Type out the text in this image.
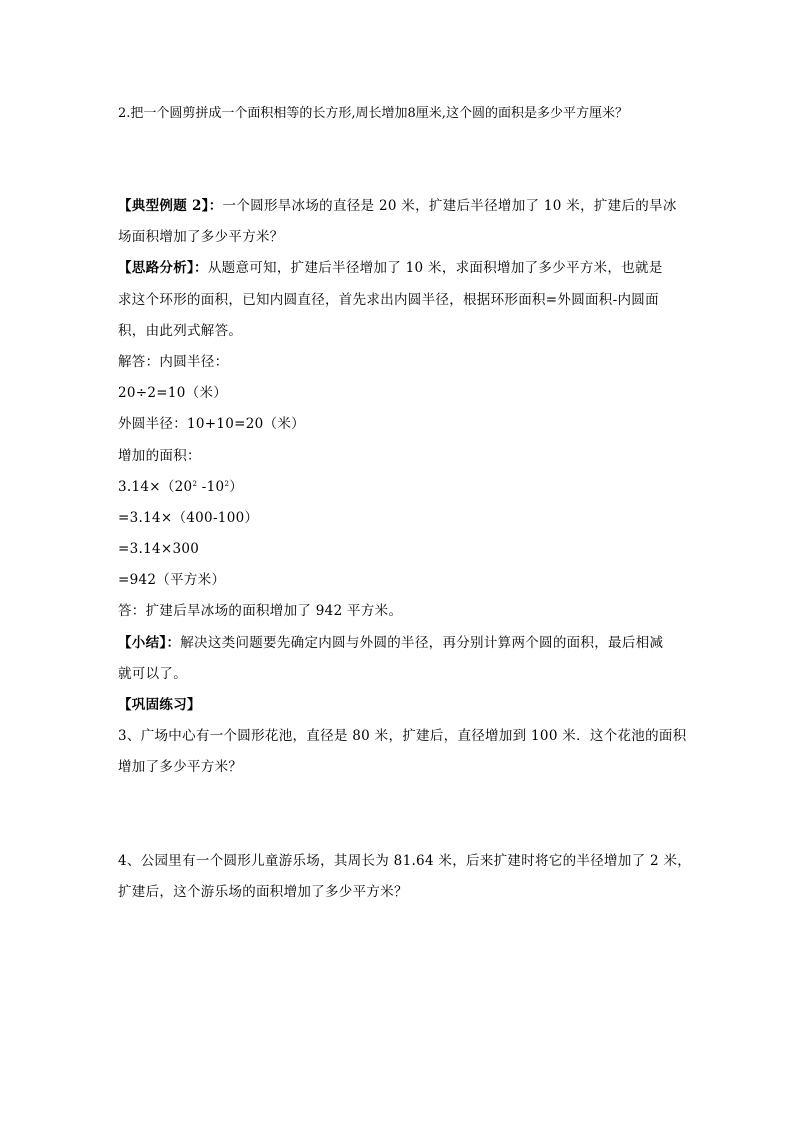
2.把一个圆剪拼成一个面积相等的长方形,周长增加8厘米,这个圆的面积是多少平方厘米？
【典型例题 2】：一个圆形旱冰场的直径是 20 米，扩建后半径增加了 10 米，扩建后的旱冰
场面积增加了多少平方米？
【思路分析】：从题意可知，扩建后半径增加了 10 米，求面积增加了多少平方米，也就是
求这个环形的面积，已知内圆直径，首先求出内圆半径，根据环形面积=外圆面积-内圆面
积，由此列式解答。
解答：内圆半径：
20÷2=10（米）
外圆半径：10+10=20（米）
增加的面积：
$3.14\times(20^2$ $-10^2$）
=3.14×（400-100）
=3.14×300
=942（平方米）
答：扩建后旱冰场的面积增加了 942 平方米。
【小结】：解决这类问题要先确定内圆与外圆的半径，再分别计算两个圆的面积，最后相减
就可以了。
【巩固练习】
3、广场中心有一个圆形花池，直径是 80 米，扩建后，直径增加到 100 米．这个花池的面积
增加了多少平方米？
4、公园里有一个圆形儿童游乐场，其周长为 81.64 米，后来扩建时将它的半径增加了 2 米，
扩建后，这个游乐场的面积增加了多少平方米？
